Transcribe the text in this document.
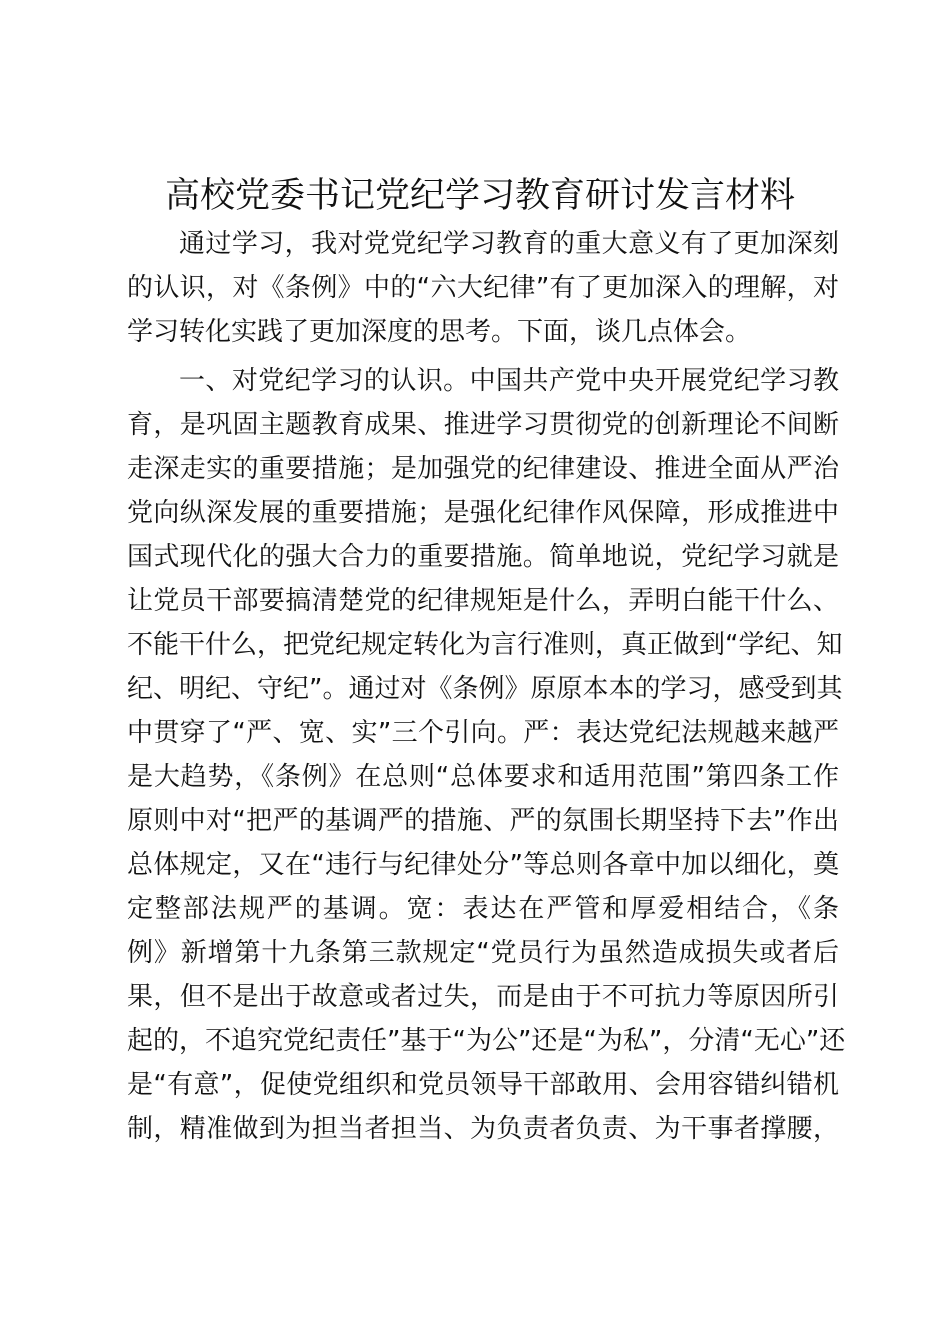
高校党委书记党纪学习教育研讨发言材料
通过学习，我对党党纪学习教育的重大意义有了更加深刻
的认识，对《条例》中的“六大纪律”有了更加深入的理解，对
学习转化实践了更加深度的思考。下面，谈几点体会。
一、对党纪学习的认识。中国共产党中央开展党纪学习教
育，是巩固主题教育成果、推进学习贯彻党的创新理论不间断
走深走实的重要措施；是加强党的纪律建设、推进全面从严治
党向纵深发展的重要措施；是强化纪律作风保障，形成推进中
国式现代化的强大合力的重要措施。简单地说，党纪学习就是
让党员干部要搞清楚党的纪律规矩是什么，弄明白能干什么、
不能干什么，把党纪规定转化为言行准则，真正做到“学纪、知
纪、明纪、守纪”。通过对《条例》原原本本的学习，感受到其
中贯穿了“严、宽、实”三个引向。严：表达党纪法规越来越严
是大趋势，《条例》在总则“总体要求和适用范围”第四条工作
原则中对“把严的基调严的措施、严的氛围长期坚持下去”作出
总体规定，又在“违行与纪律处分”等总则各章中加以细化，奠
定整部法规严的基调。宽：表达在严管和厚爱相结合，《条
例》新增第十九条第三款规定“党员行为虽然造成损失或者后
果，但不是出于故意或者过失，而是由于不可抗力等原因所引
起的，不追究党纪责任”基于“为公”还是“为私”，分清“无心”还
是“有意”，促使党组织和党员领导干部敢用、会用容错纠错机
制，精准做到为担当者担当、为负责者负责、为干事者撑腰，
